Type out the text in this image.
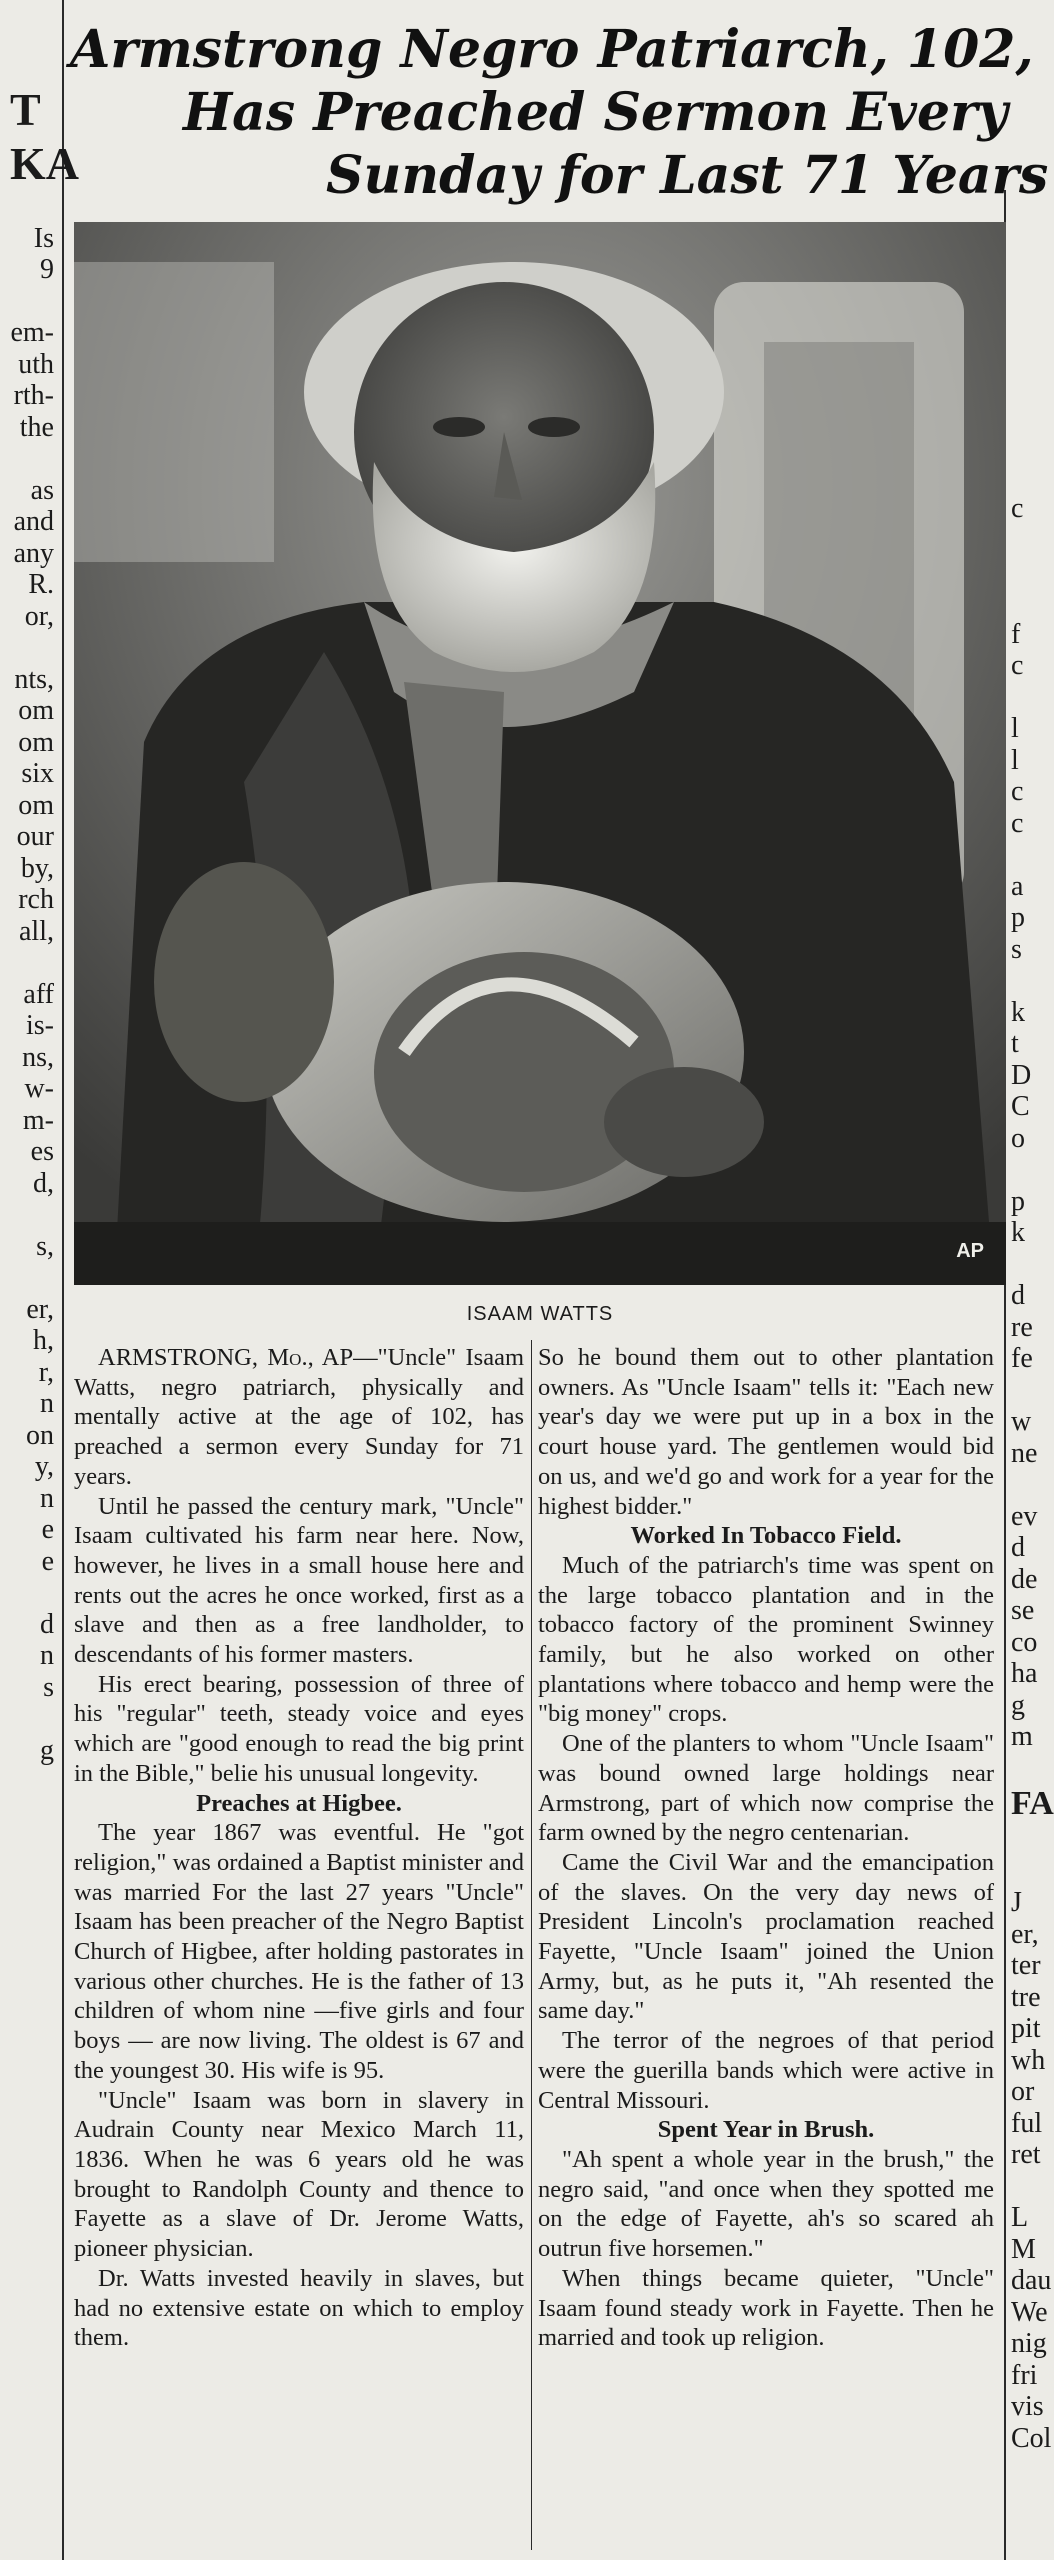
T
KA

Is
9

em-
uth
rth-
the

as
and
any
R.
or,

nts,
om
om
six
om
our
by,
rch
all,

aff
is-
ns,
w-
m-
es
d,

s,

er,
h,
r,
n
on
y,
n
e
e

d
n
s

g

c

f
c

l
l
c
c

a
p
s

k
t
D
C
o

p
k

d
re
fe

w
ne

ev
d
de
se
co
ha
g
m

FA

J
er,
ter
tre
pit
wh
or
ful
ret

L
M
dau
We
nig
fri
vis
Col

Armstrong Negro Patriarch, 102,
Has Preached Sermon Every
Sunday for Last 71 Years
AP
ISAAM WATTS

ARMSTRONG, Mo., AP—"Uncle" Isaam Watts, negro patriarch, physically and mentally active at the age of 102, has preached a sermon every Sunday for 71 years.

Until he passed the century mark, "Uncle" Isaam cultivated his farm near here. Now, however, he lives in a small house here and rents out the acres he once worked, first as a slave and then as a free landholder, to descendants of his former masters.

His erect bearing, possession of three of his "regular" teeth, steady voice and eyes which are "good enough to read the big print in the Bible," belie his unusual longevity.

Preaches at Higbee.

The year 1867 was eventful. He "got religion," was ordained a Baptist minister and was married For the last 27 years "Uncle" Isaam has been preacher of the Negro Baptist Church of Higbee, after holding pastorates in various other churches. He is the father of 13 children of whom nine —five girls and four boys — are now living. The oldest is 67 and the youngest 30. His wife is 95.

"Uncle" Isaam was born in slavery in Audrain County near Mexico March 11, 1836. When he was 6 years old he was brought to Randolph County and thence to Fayette as a slave of Dr. Jerome Watts, pioneer physician.

Dr. Watts invested heavily in slaves, but had no extensive estate on which to employ them.

So he bound them out to other plantation owners. As "Uncle Isaam" tells it: "Each new year's day we were put up in a box in the court house yard. The gentlemen would bid on us, and we'd go and work for a year for the highest bidder."

Worked In Tobacco Field.

Much of the patriarch's time was spent on the large tobacco plantation and in the tobacco factory of the prominent Swinney family, but he also worked on other plantations where tobacco and hemp were the "big money" crops.

One of the planters to whom "Uncle Isaam" was bound owned large holdings near Armstrong, part of which now comprise the farm owned by the negro centenarian.

Came the Civil War and the emancipation of the slaves. On the very day news of President Lincoln's proclamation reached Fayette, "Uncle Isaam" joined the Union Army, but, as he puts it, "Ah resented the same day."

The terror of the negroes of that period were the guerilla bands which were active in Central Missouri.

Spent Year in Brush.

"Ah spent a whole year in the brush," the negro said, "and once when they spotted me on the edge of Fayette, ah's so scared ah outrun five horsemen."

When things became quieter, "Uncle" Isaam found steady work in Fayette. Then he married and took up religion.
